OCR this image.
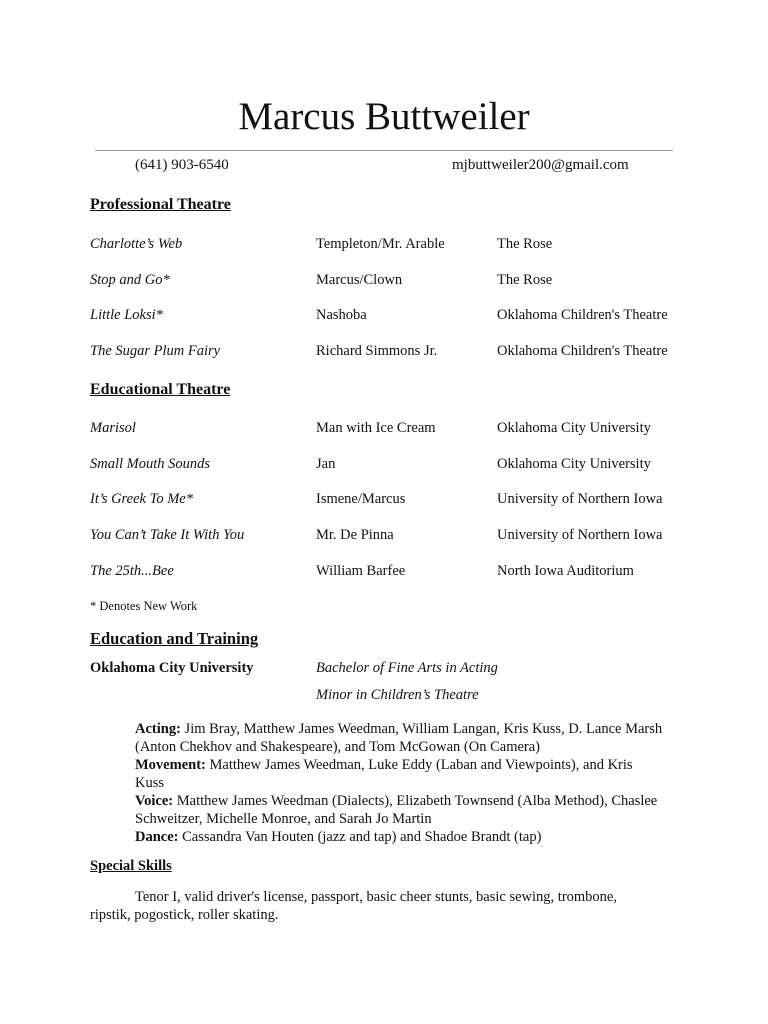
Marcus Buttweiler
(641) 903-6540	mjbuttweiler200@gmail.com
Professional Theatre
Charlotte’s Web	Templeton/Mr. Arable	The Rose
Stop and Go*	Marcus/Clown	The Rose
Little Loksi*	Nashoba	Oklahoma Children's Theatre
The Sugar Plum Fairy	Richard Simmons Jr.	Oklahoma Children's Theatre
Educational Theatre
Marisol	Man with Ice Cream	Oklahoma City University
Small Mouth Sounds	Jan	Oklahoma City University
It’s Greek To Me*	Ismene/Marcus	University of Northern Iowa
You Can’t Take It With You	Mr. De Pinna	University of Northern Iowa
The 25th...Bee	William Barfee	North Iowa Auditorium
* Denotes New Work
Education and Training
Oklahoma City University	Bachelor of Fine Arts in Acting
Minor in Children’s Theatre

Acting: Jim Bray, Matthew James Weedman, William Langan, Kris Kuss, D. Lance Marsh (Anton Chekhov and Shakespeare), and Tom McGowan (On Camera)

Movement: Matthew James Weedman, Luke Eddy (Laban and Viewpoints), and Kris Kuss

Voice: Matthew James Weedman (Dialects), Elizabeth Townsend (Alba Method), Chaslee Schweitzer, Michelle Monroe, and Sarah Jo Martin

Dance: Cassandra Van Houten (jazz and tap) and Shadoe Brandt (tap)

Special Skills

Tenor I, valid driver's license, passport, basic cheer stunts, basic sewing, trombone, ripstik, pogostick, roller skating.
